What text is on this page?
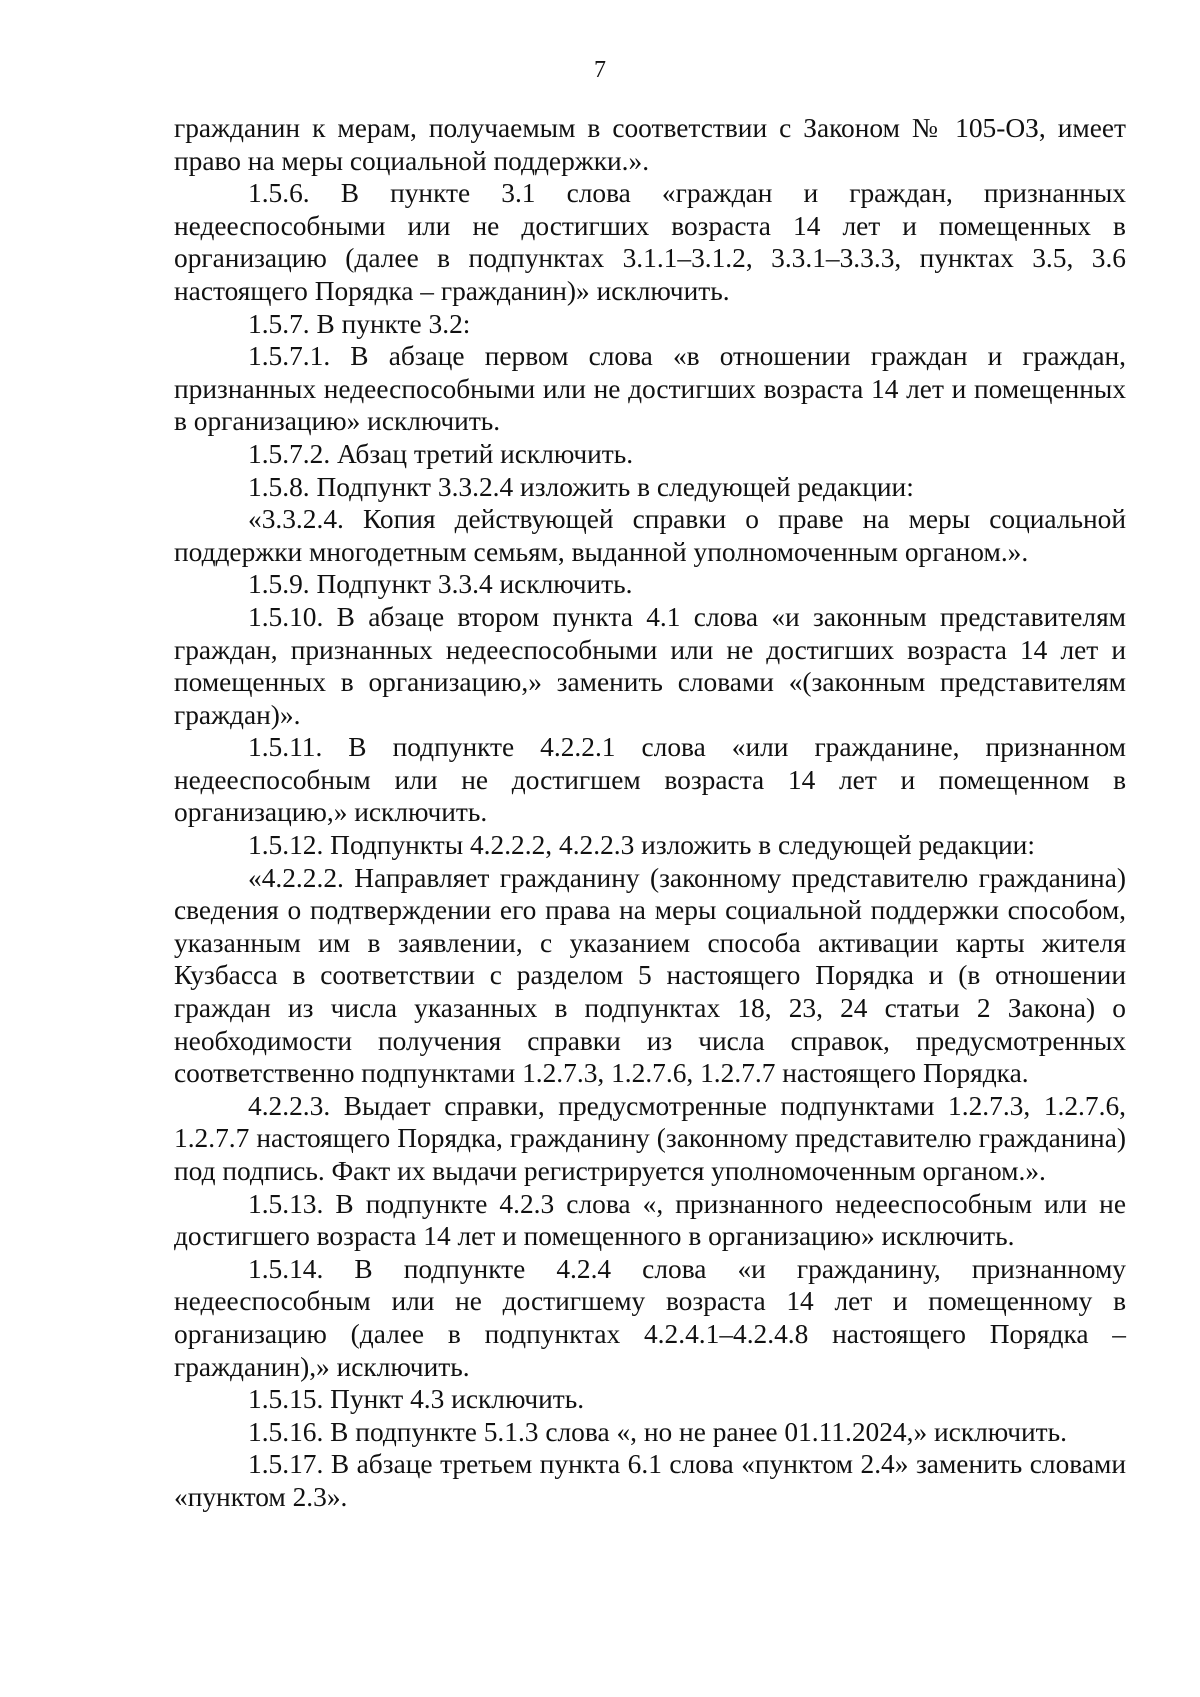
7

гражданин к мерам, получаемым в соответствии с Законом № 105-ОЗ, имеет право на меры социальной поддержки.».

1.5.6. В пункте 3.1 слова «граждан и граждан, признанных недееспособными или не достигших возраста 14 лет и помещенных в организацию (далее в подпунктах 3.1.1–3.1.2, 3.3.1–3.3.3, пунктах 3.5, 3.6 настоящего Порядка – гражданин)» исключить.

1.5.7. В пункте 3.2:

1.5.7.1. В абзаце первом слова «в отношении граждан и граждан, признанных недееспособными или не достигших возраста 14 лет и помещенных в организацию» исключить.

1.5.7.2. Абзац третий исключить.

1.5.8. Подпункт 3.3.2.4 изложить в следующей редакции:

«3.3.2.4. Копия действующей справки о праве на меры социальной поддержки многодетным семьям, выданной уполномоченным органом.».

1.5.9. Подпункт 3.3.4 исключить.

1.5.10. В абзаце втором пункта 4.1 слова «и законным представителям граждан, признанных недееспособными или не достигших возраста 14 лет и помещенных в организацию,» заменить словами «(законным представителям граждан)».

1.5.11. В подпункте 4.2.2.1 слова «или гражданине, признанном недееспособным или не достигшем возраста 14 лет и помещенном в организацию,» исключить.

1.5.12. Подпункты 4.2.2.2, 4.2.2.3 изложить в следующей редакции:

«4.2.2.2. Направляет гражданину (законному представителю гражданина) сведения о подтверждении его права на меры социальной поддержки способом, указанным им в заявлении, с указанием способа активации карты жителя Кузбасса в соответствии с разделом 5 настоящего Порядка и (в отношении граждан из числа указанных в подпунктах 18, 23, 24 статьи 2 Закона) о необходимости получения справки из числа справок, предусмотренных соответственно подпунктами 1.2.7.3, 1.2.7.6, 1.2.7.7 настоящего Порядка.

4.2.2.3. Выдает справки, предусмотренные подпунктами 1.2.7.3, 1.2.7.6, 1.2.7.7 настоящего Порядка, гражданину (законному представителю гражданина) под подпись. Факт их выдачи регистрируется уполномоченным органом.».

1.5.13. В подпункте 4.2.3 слова «, признанного недееспособным или не достигшего возраста 14 лет и помещенного в организацию» исключить.

1.5.14. В подпункте 4.2.4 слова «и гражданину, признанному недееспособным или не достигшему возраста 14 лет и помещенному в организацию (далее в подпунктах 4.2.4.1–4.2.4.8 настоящего Порядка – гражданин),» исключить.

1.5.15. Пункт 4.3 исключить.

1.5.16. В подпункте 5.1.3 слова «, но не ранее 01.11.2024,» исключить.

1.5.17. В абзаце третьем пункта 6.1 слова «пунктом 2.4» заменить словами «пунктом 2.3».
